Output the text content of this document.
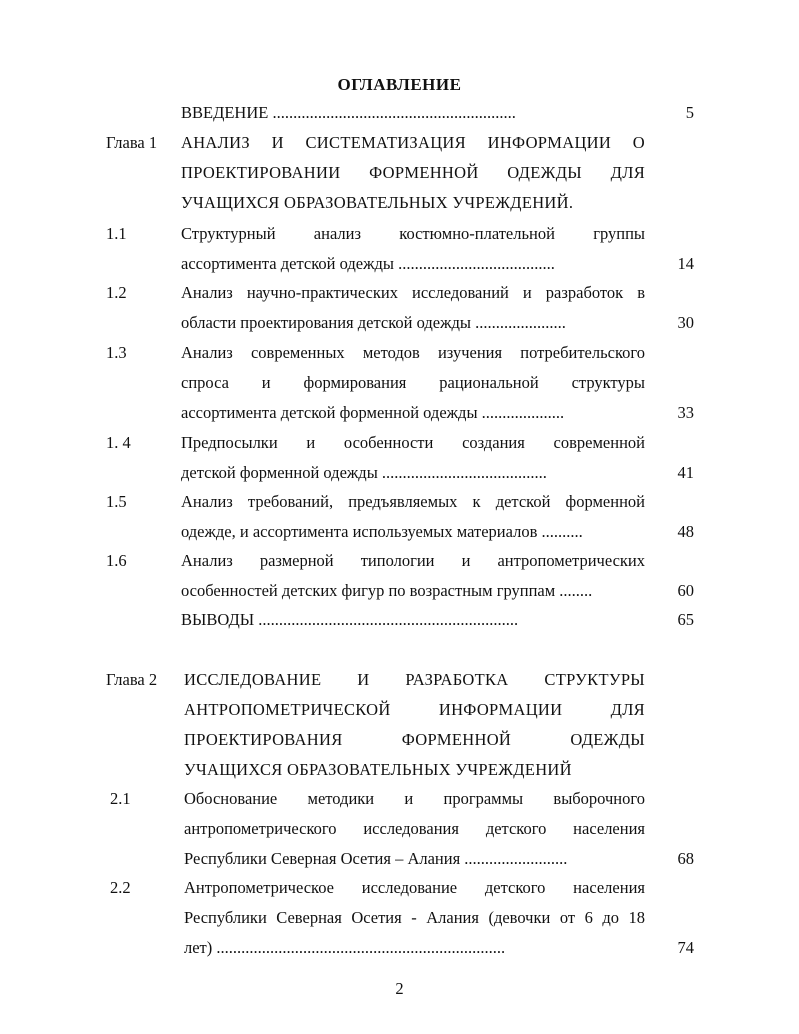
ОГЛАВЛЕНИЕ
ВВЕДЕНИЕ ...........................................................	5
Глава 1 АНАЛИЗ И СИСТЕМАТИЗАЦИЯ ИНФОРМАЦИИ О
ПРОЕКТИРОВАНИИ ФОРМЕННОЙ ОДЕЖДЫ ДЛЯ
УЧАЩИХСЯ ОБРАЗОВАТЕЛЬНЫХ УЧРЕЖДЕНИЙ.
1.1	Структурный анализ костюмно-плательной группы
ассортимента детской одежды ......................................	14
1.2	Анализ научно-практических исследований и разработок в
области проектирования детской одежды ......................	30
1.3	Анализ современных методов изучения потребительского
спроса и формирования рациональной структуры
ассортимента детской форменной одежды ....................	33
1. 4	Предпосылки и особенности создания современной
детской форменной одежды ........................................	41
1.5	Анализ требований, предъявляемых к детской форменной
одежде, и ассортимента используемых материалов ..........	48
1.6	Анализ размерной типологии и антропометрических
особенностей детских фигур по возрастным группам ........	60
ВЫВОДЫ ...............................................................	65
Глава 2 ИССЛЕДОВАНИЕ И РАЗРАБОТКА СТРУКТУРЫ
АНТРОПОМЕТРИЧЕСКОЙ ИНФОРМАЦИИ ДЛЯ
ПРОЕКТИРОВАНИЯ ФОРМЕННОЙ ОДЕЖДЫ
УЧАЩИХСЯ ОБРАЗОВАТЕЛЬНЫХ УЧРЕЖДЕНИЙ
2.1	Обоснование методики и программы выборочного
антропометрического исследования детского населения
Республики Северная Осетия – Алания .........................	68
2.2	Антропометрическое исследование детского населения
Республики Северная Осетия - Алания (девочки от 6 до 18
лет) ......................................................................	74
2
